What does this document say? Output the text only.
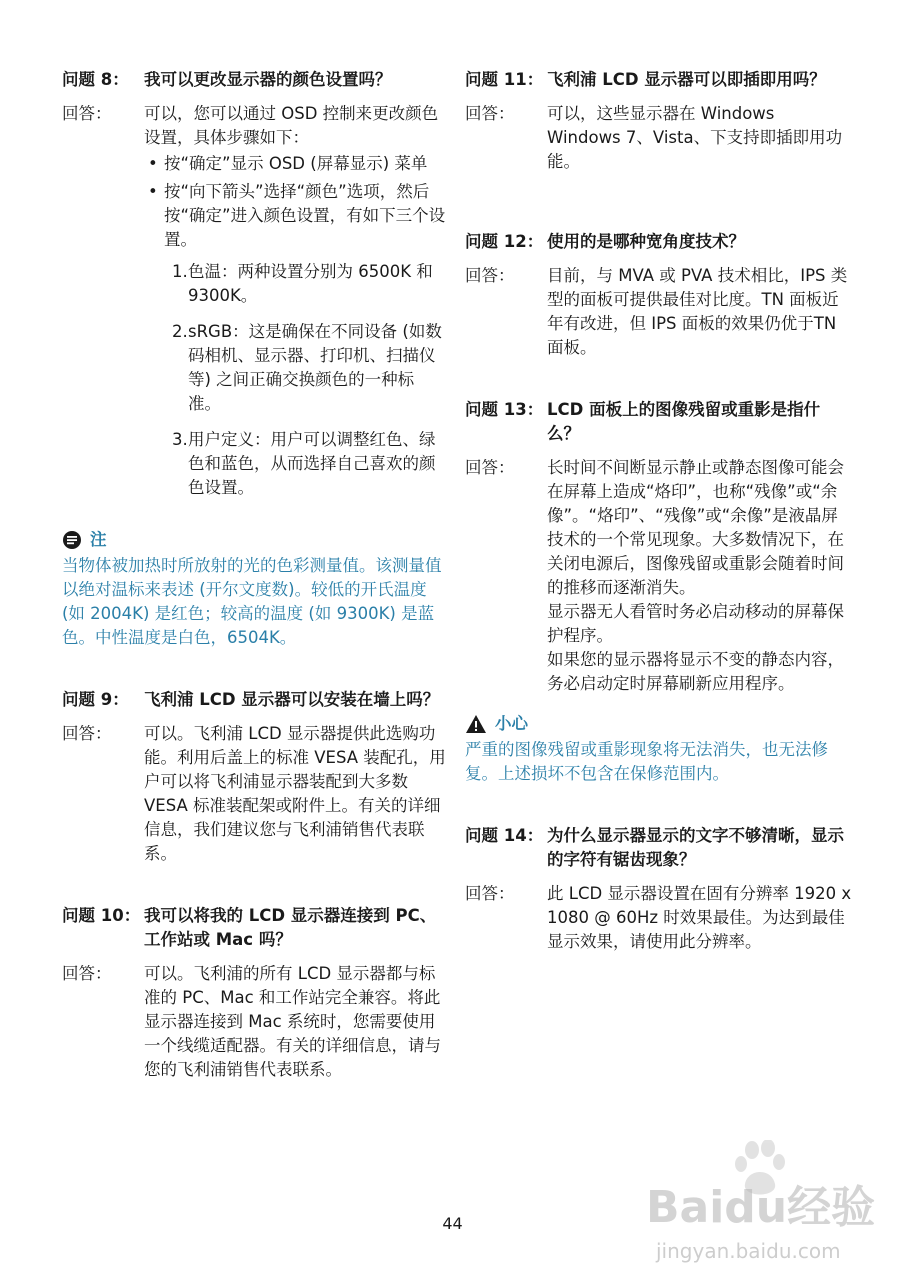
问题 8： 我可以更改显示器的颜色设置吗？
回答：	可以，您可以通过 OSD 控制来更改颜色设置，具体步骤如下：
• 按“确定”显示 OSD (屏幕显示) 菜单
• 按“向下箭头”选择“颜色”选项，然后按“确定”进入颜色设置，有如下三个设置。
1. 色温：两种设置分别为 6500K 和 9300K。
2. sRGB：这是确保在不同设备 (如数码相机、显示器、打印机、扫描仪等) 之间正确交换颜色的一种标准。
3. 用户定义：用户可以调整红色、绿色和蓝色，从而选择自己喜欢的颜色设置。
注
当物体被加热时所放射的光的色彩测量值。该测量值以绝对温标来表述 (开尔文度数)。较低的开氏温度 (如 2004K) 是红色；较高的温度 (如 9300K) 是蓝色。中性温度是白色，6504K。
问题 9： 飞利浦 LCD 显示器可以安装在墙上吗？
回答：	可以。飞利浦 LCD 显示器提供此选购功能。利用后盖上的标准 VESA 装配孔，用户可以将飞利浦显示器装配到大多数 VESA 标准装配架或附件上。有关的详细信息，我们建议您与飞利浦销售代表联系。
问题 10： 我可以将我的 LCD 显示器连接到 PC、工作站或 Mac 吗？
回答：	可以。飞利浦的所有 LCD 显示器都与标准的 PC、Mac 和工作站完全兼容。将此显示器连接到 Mac 系统时，您需要使用一个线缆适配器。有关的详细信息，请与您的飞利浦销售代表联系。
问题 11： 飞利浦 LCD 显示器可以即插即用吗？
回答：	可以，这些显示器在 Windows Windows 7、Vista、下支持即插即用功能。
问题 12： 使用的是哪种宽角度技术？
回答：	目前，与 MVA 或 PVA 技术相比，IPS 类型的面板可提供最佳对比度。TN 面板近年有改进，但 IPS 面板的效果仍优于TN 面板。
问题 13： LCD 面板上的图像残留或重影是指什么？
回答：	长时间不间断显示静止或静态图像可能会在屏幕上造成“烙印”，也称“残像”或“余像”。“烙印”、“残像”或“余像”是液晶屏技术的一个常见现象。大多数情况下，在关闭电源后，图像残留或重影会随着时间的推移而逐渐消失。
显示器无人看管时务必启动移动的屏幕保护程序。
如果您的显示器将显示不变的静态内容，务必启动定时屏幕刷新应用程序。
小心
严重的图像残留或重影现象将无法消失，也无法修复。上述损坏不包含在保修范围内。
问题 14： 为什么显示器显示的文字不够清晰，显示的字符有锯齿现象？
回答：	此 LCD 显示器设置在固有分辨率 1920 x 1080 @ 60Hz 时效果最佳。为达到最佳显示效果，请使用此分辨率。
44	Baidu经验
jingyan.baidu.com
